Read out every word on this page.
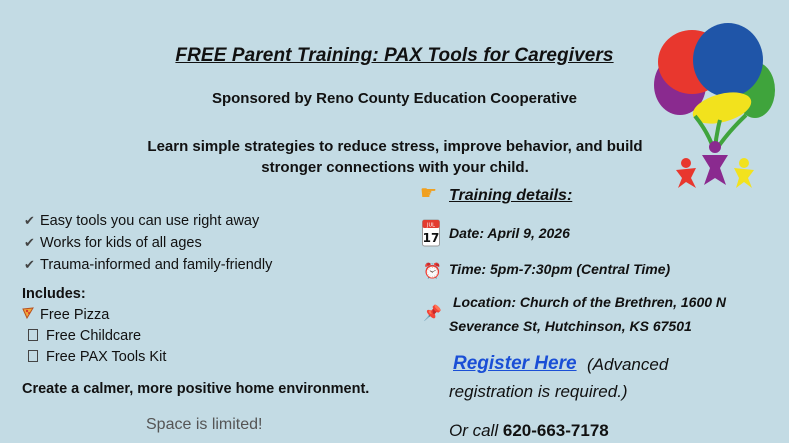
FREE Parent Training: PAX Tools for Caregivers
Sponsored by Reno County Education Cooperative
Learn simple strategies to reduce stress, improve behavior, and build
stronger connections with your child.
✔ Easy tools you can use right away
✔ Works for kids of all ages
✔ Trauma-informed and family-friendly
Includes:
Free Pizza
Free Childcare
Free PAX Tools Kit
Create a calmer, more positive home environment.
Space is limited!
☛ Training details:
JUL
17 Date: April 9, 2026
⏰ Time: 5pm-7:30pm (Central Time)
📌
Location: Church of the Brethren, 1600 N
Severance St, Hutchinson, KS 67501
Register Here (Advanced
registration is required.)
Or call 620-663-7178
